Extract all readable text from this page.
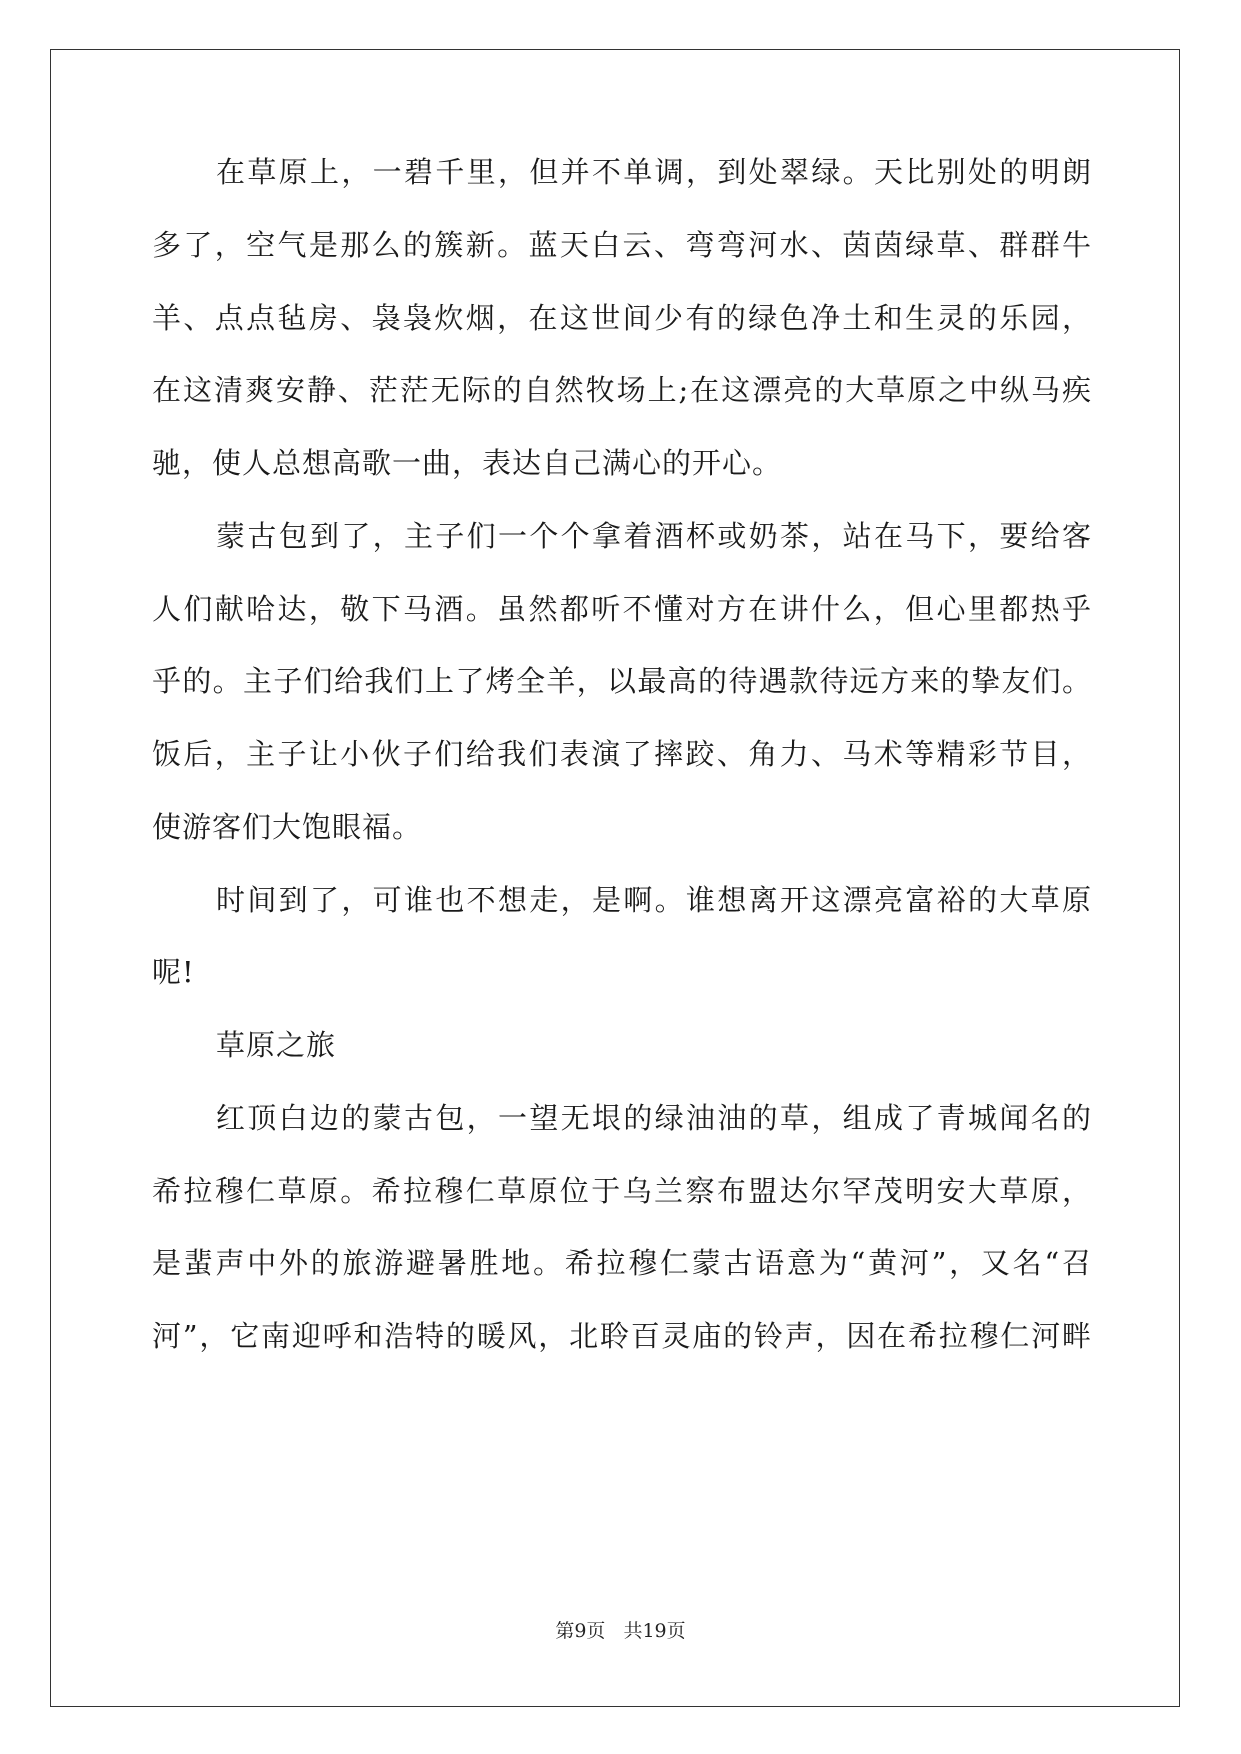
在草原上，一碧千里，但并不单调，到处翠绿。天比别处的明朗
多了，空气是那么的簇新。蓝天白云、弯弯河水、茵茵绿草、群群牛
羊、点点毡房、袅袅炊烟，在这世间少有的绿色净土和生灵的乐园，
在这清爽安静、茫茫无际的自然牧场上;在这漂亮的大草原之中纵马疾
驰，使人总想高歌一曲，表达自己满心的开心。
蒙古包到了，主子们一个个拿着酒杯或奶茶，站在马下，要给客
人们献哈达，敬下马酒。虽然都听不懂对方在讲什么，但心里都热乎
乎的。主子们给我们上了烤全羊，以最高的待遇款待远方来的挚友们。
饭后，主子让小伙子们给我们表演了摔跤、角力、马术等精彩节目，
使游客们大饱眼福。
时间到了，可谁也不想走，是啊。谁想离开这漂亮富裕的大草原
呢!
草原之旅
红顶白边的蒙古包，一望无垠的绿油油的草，组成了青城闻名的
希拉穆仁草原。希拉穆仁草原位于乌兰察布盟达尔罕茂明安大草原，
是蜚声中外的旅游避暑胜地。希拉穆仁蒙古语意为“黄河”，又名“召
河”，它南迎呼和浩特的暖风，北聆百灵庙的铃声，因在希拉穆仁河畔
第9页 共19页
